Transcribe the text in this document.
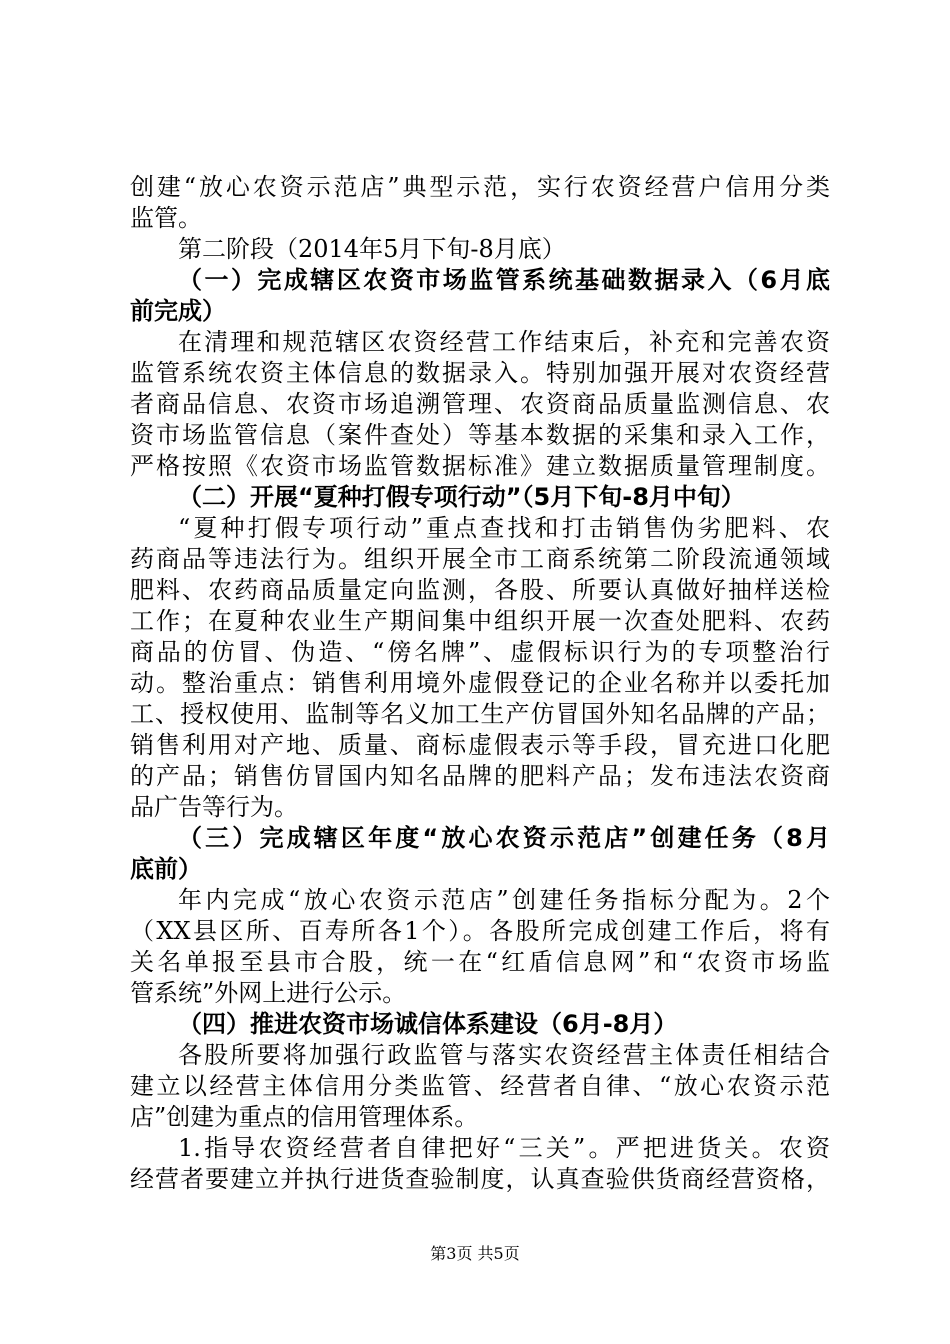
创建“放心农资示范店”典型示范，实行农资经营户信用分类
监管。
第二阶段（2014年5月下旬-8月底）
（一）完成辖区农资市场监管系统基础数据录入（6月底
前完成）
在清理和规范辖区农资经营工作结束后，补充和完善农资
监管系统农资主体信息的数据录入。特别加强开展对农资经营
者商品信息、农资市场追溯管理、农资商品质量监测信息、农
资市场监管信息（案件查处）等基本数据的采集和录入工作，
严格按照《农资市场监管数据标准》建立数据质量管理制度。
（二）开展“夏种打假专项行动”（5月下旬-8月中旬）
“夏种打假专项行动”重点查找和打击销售伪劣肥料、农
药商品等违法行为。组织开展全市工商系统第二阶段流通领域
肥料、农药商品质量定向监测，各股、所要认真做好抽样送检
工作；在夏种农业生产期间集中组织开展一次查处肥料、农药
商品的仿冒、伪造、“傍名牌”、虚假标识行为的专项整治行
动。整治重点：销售利用境外虚假登记的企业名称并以委托加
工、授权使用、监制等名义加工生产仿冒国外知名品牌的产品；
销售利用对产地、质量、商标虚假表示等手段，冒充进口化肥
的产品；销售仿冒国内知名品牌的肥料产品；发布违法农资商
品广告等行为。
（三）完成辖区年度“放心农资示范店”创建任务（8月
底前）
年内完成“放心农资示范店”创建任务指标分配为。2个
（XX县区所、百寿所各1个）。各股所完成创建工作后，将有
关名单报至县市合股，统一在“红盾信息网”和“农资市场监
管系统”外网上进行公示。
（四）推进农资市场诚信体系建设（6月-8月）
各股所要将加强行政监管与落实农资经营主体责任相结合
建立以经营主体信用分类监管、经营者自律、“放心农资示范
店”创建为重点的信用管理体系。
1.指导农资经营者自律把好“三关”。严把进货关。农资
经营者要建立并执行进货查验制度，认真查验供货商经营资格，
第3页 共5页
